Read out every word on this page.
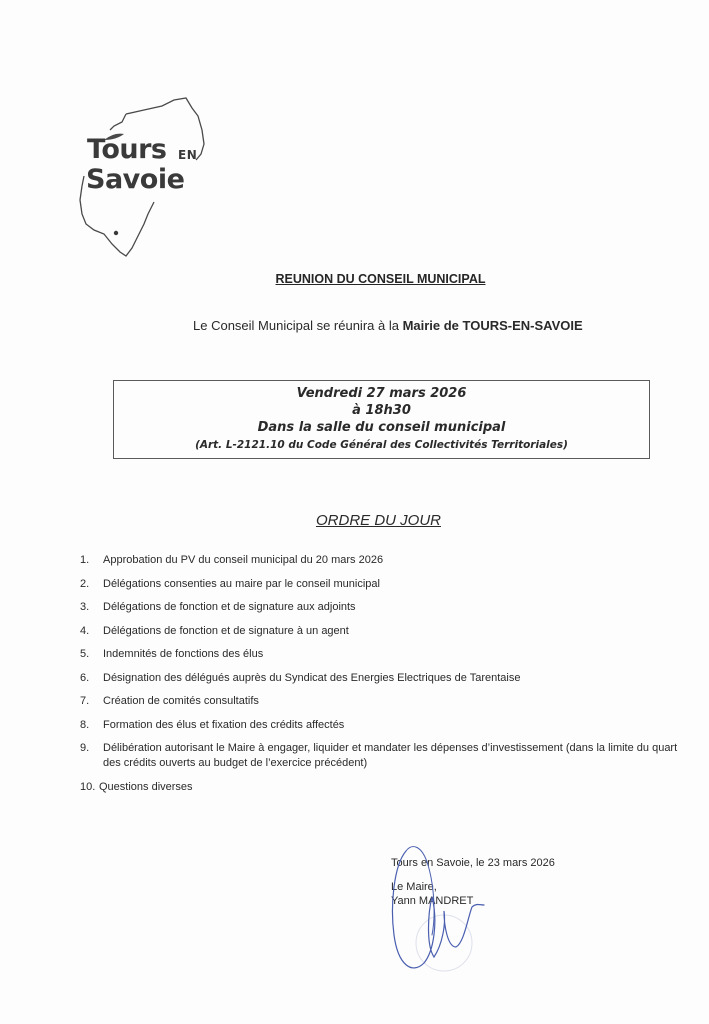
Tours EN
Savoie
REUNION DU CONSEIL MUNICIPAL
Le Conseil Municipal se réunira à la Mairie de TOURS-EN-SAVOIE
Vendredi 27 mars 2026
à 18h30
Dans la salle du conseil municipal
(Art. L-2121.10 du Code Général des Collectivités Territoriales)
ORDRE DU JOUR
1. Approbation du PV du conseil municipal du 20 mars 2026
2. Délégations consenties au maire par le conseil municipal
3. Délégations de fonction et de signature aux adjoints
4. Délégations de fonction et de signature à un agent
5. Indemnités de fonctions des élus
6. Désignation des délégués auprès du Syndicat des Energies Electriques de Tarentaise
7. Création de comités consultatifs
8. Formation des élus et fixation des crédits affectés
9. Délibération autorisant le Maire à engager, liquider et mandater les dépenses d’investissement (dans la limite du quart des crédits ouverts au budget de l’exercice précédent)
10. Questions diverses
Tours en Savoie, le 23 mars 2026
Le Maire,
Yann MANDRET
